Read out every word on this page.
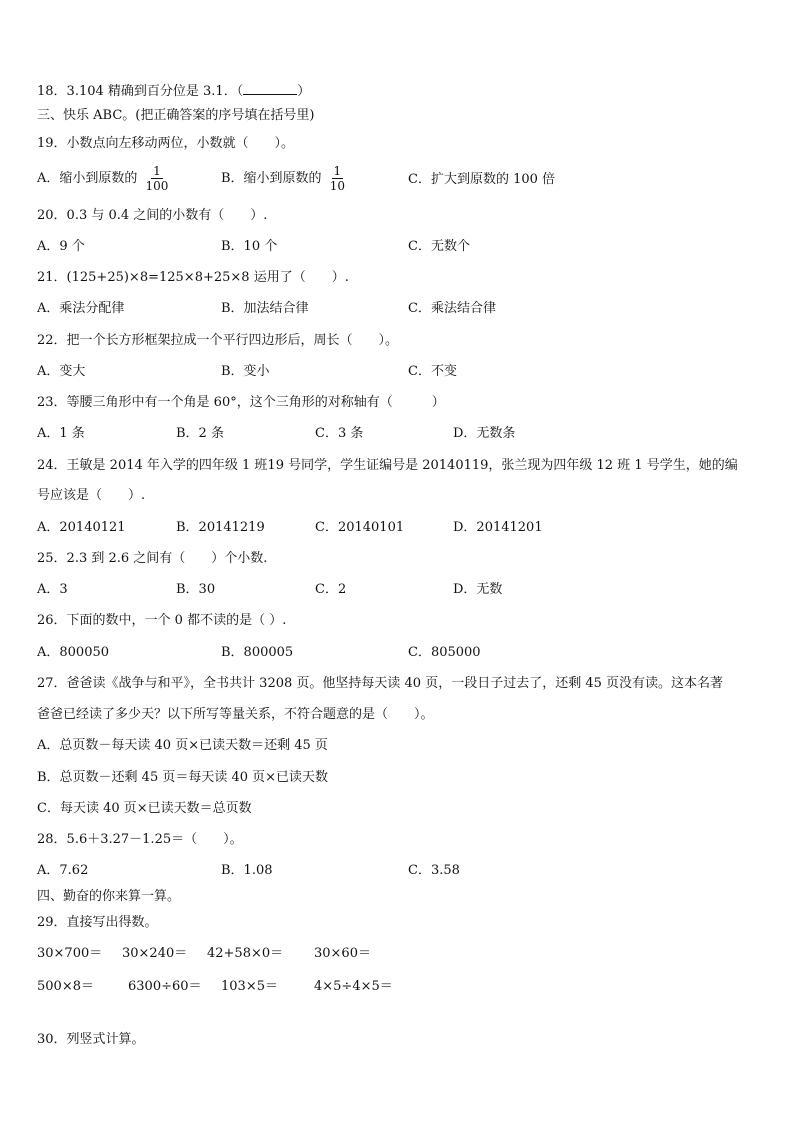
18．3.104 精确到百分位是 3.1．（	）
三、快乐 ABC。(把正确答案的序号填在括号里)
19．小数点向左移动两位，小数就（　　）。
A．缩小到原数的 $\frac{1}{100}$	B．缩小到原数的 $\frac{1}{10}$	C．扩大到原数的 100 倍
20．0.3 与 0.4 之间的小数有（　　）.
A．9 个	B．10 个	C．无数个
21．(125+25)×8=125×8+25×8 运用了（　　）.
A．乘法分配律	B．加法结合律	C．乘法结合律
22．把一个长方形框架拉成一个平行四边形后，周长（　　）。
A．变大	B．变小	C．不变
23．等腰三角形中有一个角是 60°，这个三角形的对称轴有（　　　）
A．1 条	B．2 条	C．3 条	D．无数条
24．王敏是 2014 年入学的四年级 1 班19 号同学，学生证编号是 20140119，张兰现为四年级 12 班 1 号学生，她的编
号应该是（　　）.
A．20140121	B．20141219	C．20140101	D．20141201
25．2.3 到 2.6 之间有（　　）个小数.
A．3	B．30	C．2	D．无数
26．下面的数中，一个 0 都不读的是（ ）.
A．800050	B．800005	C．805000
27．爸爸读《战争与和平》，全书共计 3208 页。他坚持每天读 40 页，一段日子过去了，还剩 45 页没有读。这本名著
爸爸已经读了多少天？以下所写等量关系，不符合题意的是（　　）。
A．总页数－每天读 40 页×已读天数＝还剩 45 页
B．总页数－还剩 45 页＝每天读 40 页×已读天数
C．每天读 40 页×已读天数＝总页数
28．5.6＋3.27－1.25＝（　　）。
A．7.62	B．1.08	C．3.58
四、勤奋的你来算一算。
29．直接写出得数。
30×700＝ 30×240＝ 42+58×0＝ 30×60＝
500×8＝	6300÷60＝ 103×5＝	4×5÷4×5＝
30．列竖式计算。
